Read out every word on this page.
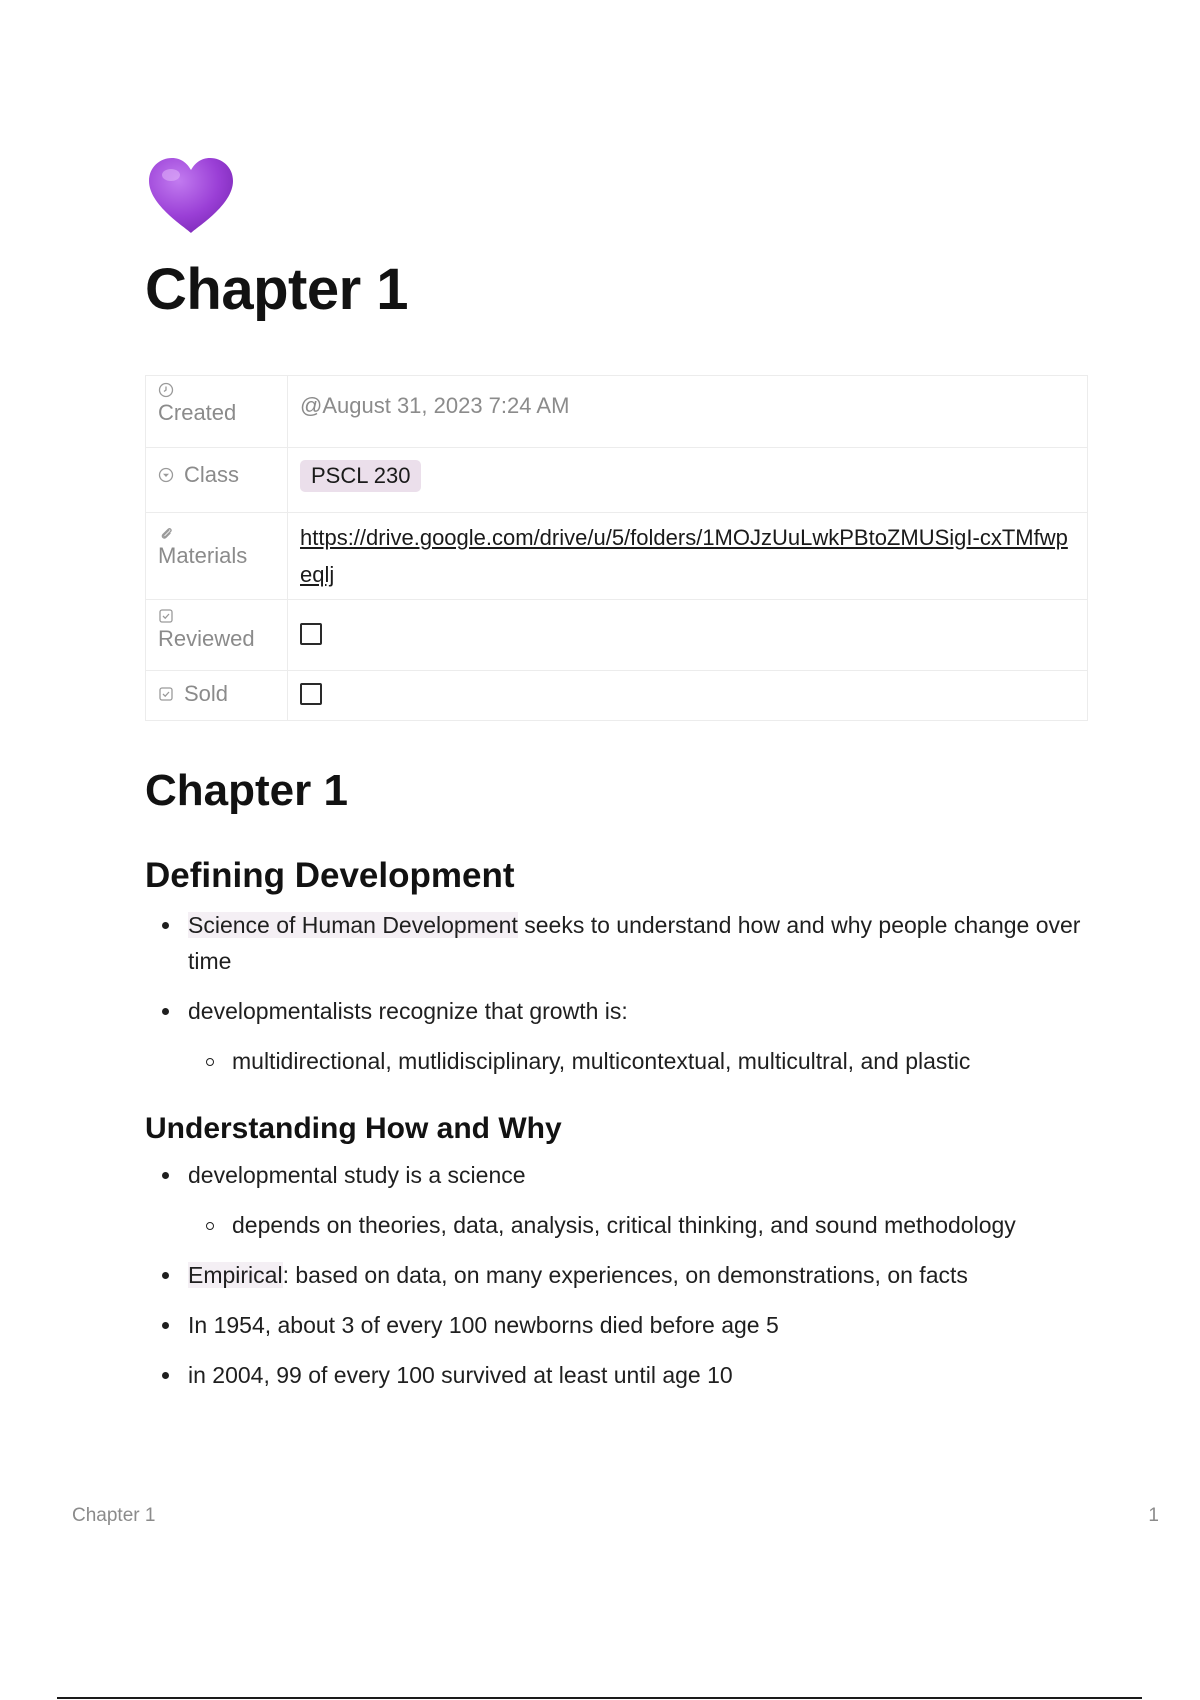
Chapter 1
Created	@August 31, 2023 7:24 AM

Class	PSCL 230

Materials	https://drive.google.com/drive/u/5/folders/1MOJzUuLwkPBtoZMUSigI-cxTMfwpeqlj

Reviewed	

Sold	

Chapter 1
Defining Development
Science of Human Development seeks to understand how and why people change over time
developmentalists recognize that growth is:
multidirectional, mutlidisciplinary, multicontextual, multicultral, and plastic
Understanding How and Why
developmental study is a science
depends on theories, data, analysis, critical thinking, and sound methodology
Empirical: based on data, on many experiences, on demonstrations, on facts
In 1954, about 3 of every 100 newborns died before age 5
in 2004, 99 of every 100 survived at least until age 10
Chapter 1	1
